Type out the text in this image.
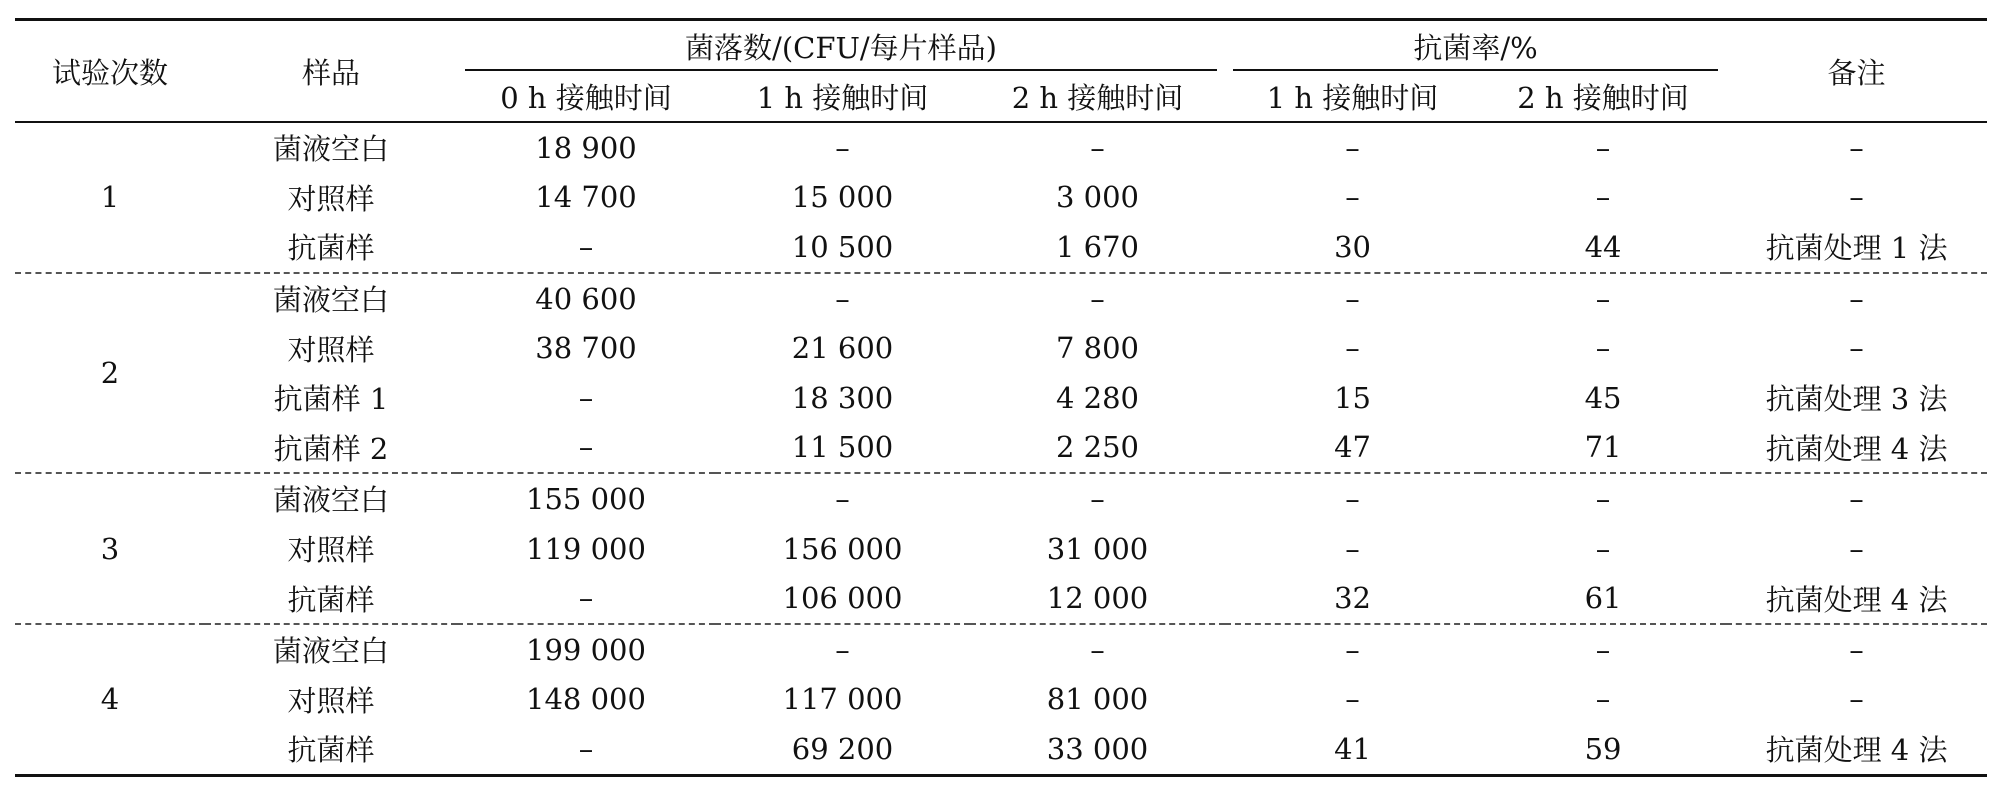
试验次数	样品	菌落数/(CFU/每片样品)			抗菌率/%		备注
		0 h 接触时间	1 h 接触时间	2 h 接触时间	1 h 接触时间	2 h 接触时间	
1	菌液空白	18 900	–	–	–	–	–
	对照样	14 700	15 000	3 000	–	–	–
	抗菌样	–	10 500	1 670	30	44	抗菌处理 1 法
2	菌液空白	40 600	–	–	–	–	–
	对照样	38 700	21 600	7 800	–	–	–
	抗菌样 1	–	18 300	4 280	15	45	抗菌处理 3 法
	抗菌样 2	–	11 500	2 250	47	71	抗菌处理 4 法
3	菌液空白	155 000	–	–	–	–	–
	对照样	119 000	156 000	31 000	–	–	–
	抗菌样	–	106 000	12 000	32	61	抗菌处理 4 法
4	菌液空白	199 000	–	–	–	–	–
	对照样	148 000	117 000	81 000	–	–	–
	抗菌样	–	69 200	33 000	41	59	抗菌处理 4 法
